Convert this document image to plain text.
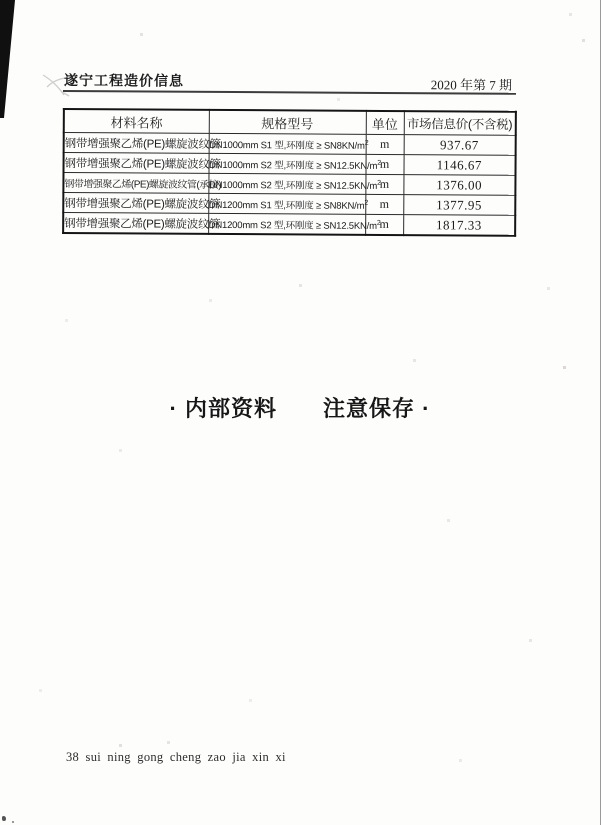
遂宁工程造价信息	2020 年第 7 期
材料名称	规格型号	单位	市场信息价(不含税)
钢带增强聚乙烯(PE)螺旋波纹管	DN1000mm S1 型,环刚度 ≥ $SN8KN/m^2$	m	937.67
钢带增强聚乙烯(PE)螺旋波纹管	DN1000mm S2 型,环刚度 ≥ $SN12.5KN/m^2$	m	1146.67
钢带增强聚乙烯(PE)螺旋波纹管(承接)	DN1000mm S2 型,环刚度 ≥ $SN12.5KN/m^2$	m	1376.00
钢带增强聚乙烯(PE)螺旋波纹管	DN1200mm S1 型,环刚度 ≥ $SN8KN/m^2$	m	1377.95
钢带增强聚乙烯(PE)螺旋波纹管	DN1200mm S2 型,环刚度 ≥ $SN12.5KN/m^2$	m	1817.33
· 内部资料　　注意保存 ·
38 sui ning gong cheng zao jia xin xi
